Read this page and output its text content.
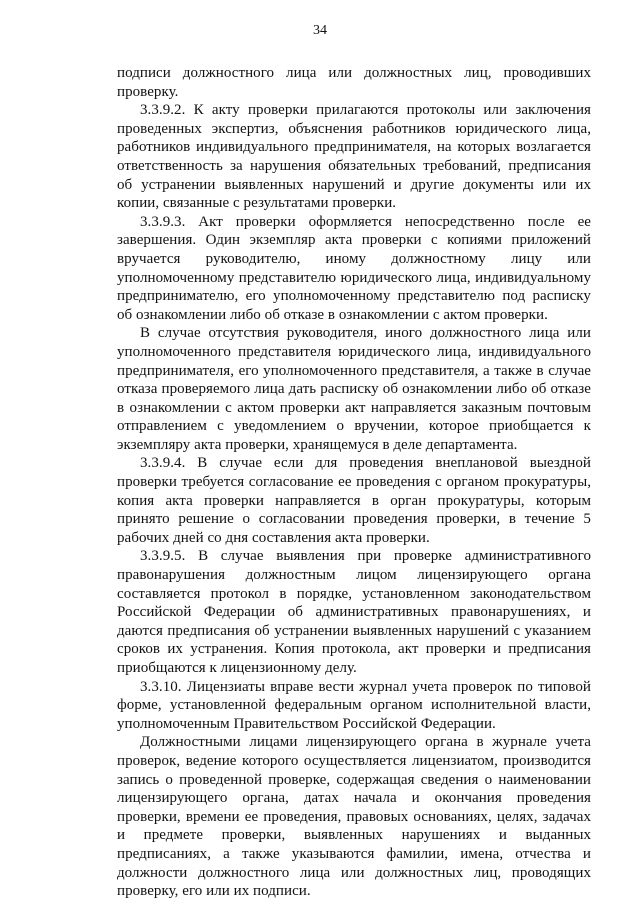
34

подписи должностного лица или должностных лиц, проводивших проверку.

3.3.9.2. К акту проверки прилагаются протоколы или заключения проведенных экспертиз, объяснения работников юридического лица, работников индивидуального предпринимателя, на которых возлагается ответственность за нарушения обязательных требований, предписания об устранении выявленных нарушений и другие документы или их копии, связанные с результатами проверки.

3.3.9.3. Акт проверки оформляется непосредственно после ее завершения. Один экземпляр акта проверки с копиями приложений вручается руководителю, иному должностному лицу или уполномоченному представителю юридического лица, индивидуальному предпринимателю, его уполномоченному представителю под расписку об ознакомлении либо об отказе в ознакомлении с актом проверки.

В случае отсутствия руководителя, иного должностного лица или уполномоченного представителя юридического лица, индивидуального предпринимателя, его уполномоченного представителя, а также в случае отказа проверяемого лица дать расписку об ознакомлении либо об отказе в ознакомлении с актом проверки акт направляется заказным почтовым отправлением с уведомлением о вручении, которое приобщается к экземпляру акта проверки, хранящемуся в деле департамента.

3.3.9.4. В случае если для проведения внеплановой выездной проверки требуется согласование ее проведения с органом прокуратуры, копия акта проверки направляется в орган прокуратуры, которым принято решение о согласовании проведения проверки, в течение 5 рабочих дней со дня составления акта проверки.

3.3.9.5. В случае выявления при проверке административного правонарушения должностным лицом лицензирующего органа составляется протокол в порядке, установленном законодательством Российской Федерации об административных правонарушениях, и даются предписания об устранении выявленных нарушений с указанием сроков их устранения. Копия протокола, акт проверки и предписания приобщаются к лицензионному делу.

3.3.10. Лицензиаты вправе вести журнал учета проверок по типовой форме, установленной федеральным органом исполнительной власти, уполномоченным Правительством Российской Федерации.

Должностными лицами лицензирующего органа в журнале учета проверок, ведение которого осуществляется лицензиатом, производится запись о проведенной проверке, содержащая сведения о наименовании лицензирующего органа, датах начала и окончания проведения проверки, времени ее проведения, правовых основаниях, целях, задачах и предмете проверки, выявленных нарушениях и выданных предписаниях, а также указываются фамилии, имена, отчества и должности должностного лица или должностных лиц, проводящих проверку, его или их подписи.
